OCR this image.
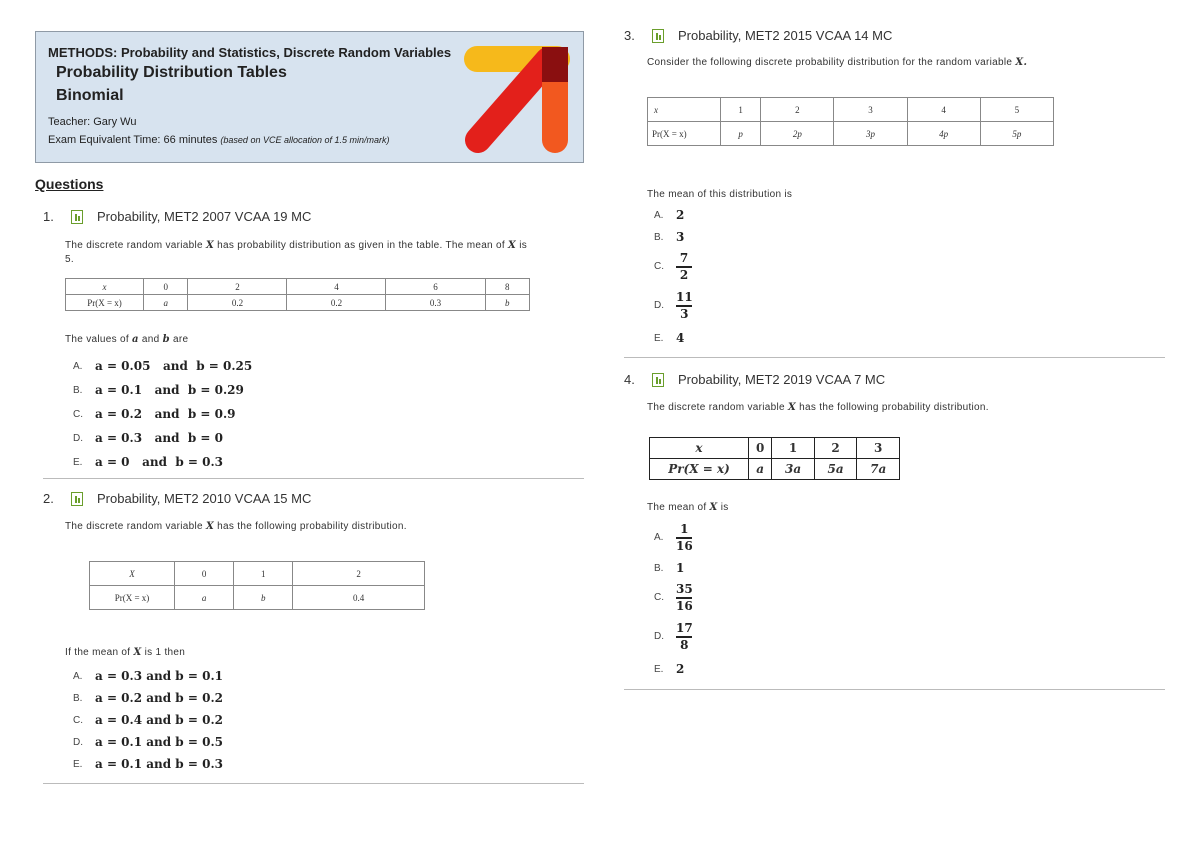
METHODS: Probability and Statistics, Discrete Random Variables
Probability Distribution Tables
Binomial
Teacher: Gary Wu
Exam Equivalent Time: 66 minutes (based on VCE allocation of 1.5 min/mark)
Questions
1.	Probability, MET2 2007 VCAA 19 MC
The discrete random variable X has probability distribution as given in the table. The mean of X is
5.
x	0	2	4	6	8
Pr(X = x)	a	0.2	0.2	0.3	b
The values of a and b are
A.	a = 0.05   and  b = 0.25
B.	a = 0.1   and  b = 0.29
C.	a = 0.2   and  b = 0.9
D.	a = 0.3   and  b = 0
E.	a = 0   and  b = 0.3
2.	Probability, MET2 2010 VCAA 15 MC
The discrete random variable X has the following probability distribution.
X	0	1	2
Pr(X = x)	a	b	0.4
If the mean of X is 1 then
A.	a = 0.3 and b = 0.1
B.	a = 0.2 and b = 0.2
C.	a = 0.4 and b = 0.2
D.	a = 0.1 and b = 0.5
E.	a = 0.1 and b = 0.3
3.	Probability, MET2 2015 VCAA 14 MC
Consider the following discrete probability distribution for the random variable X.
x	1	2	3	4	5
Pr(X = x)	p	2p	3p	4p	5p
The mean of this distribution is
A.	2
B.	3
C.	$\frac{7}{2}$
D.	$\frac{11}{3}$
E.	4
4.	Probability, MET2 2019 VCAA 7 MC
The discrete random variable X has the following probability distribution.
x	0	1	2	3
Pr(X = x)	a	3a	5a	7a
The mean of X is
A.	$\frac{1}{16}$
B.	1
C.	$\frac{35}{16}$
D.	$\frac{17}{8}$
E.	2
